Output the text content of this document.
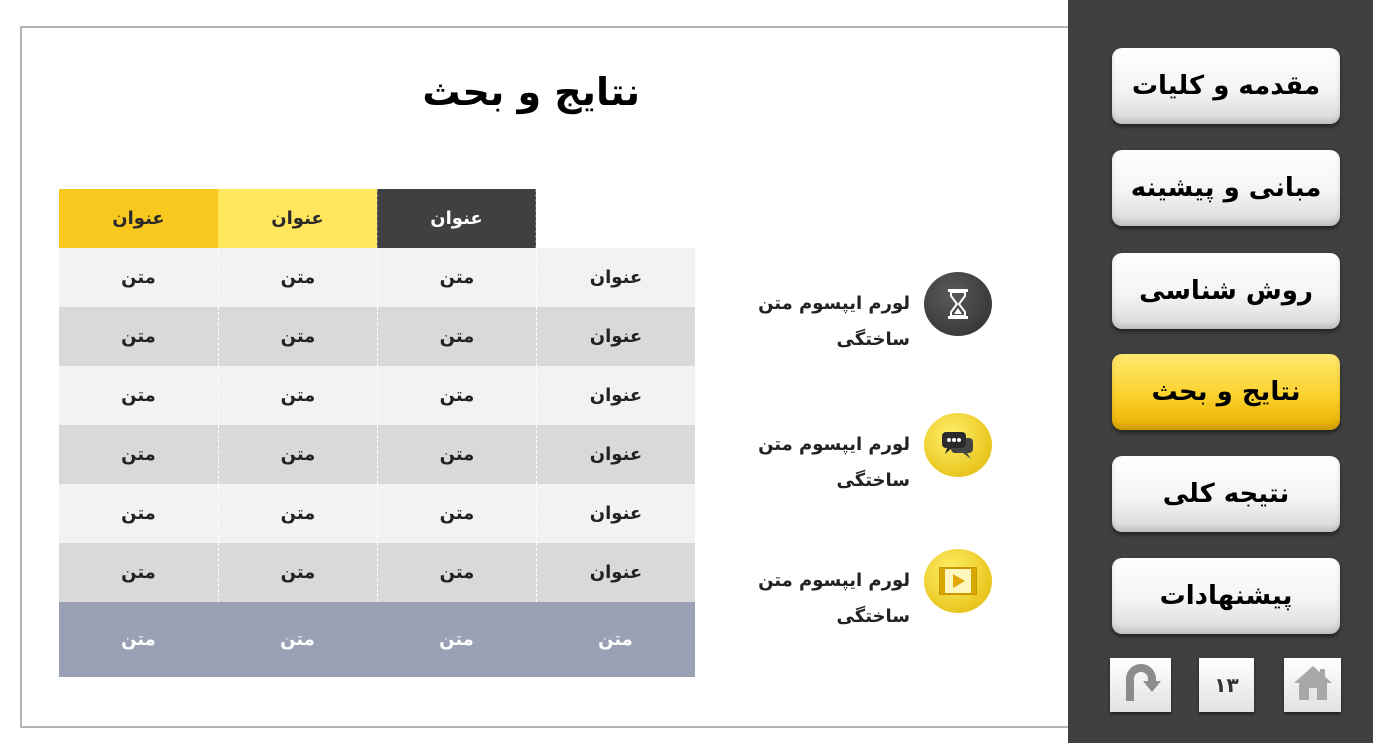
نتایج و بحث
عنوان
عنوان
عنوان
عنوان
متن
متن
متن
عنوان
متن
متن
متن
عنوان
متن
متن
متن
عنوان
متن
متن
متن
عنوان
متن
متن
متن
عنوان
متن
متن
متن
متن
متن
متن
متن
لورم ایپسوم متن ساختگی
لورم ایپسوم متن ساختگی
لورم ایپسوم متن ساختگی
مقدمه و کلیات
مبانی و پیشینه
روش شناسی
نتایج و بحث
نتیجه کلی
پیشنهادات
۱۳
